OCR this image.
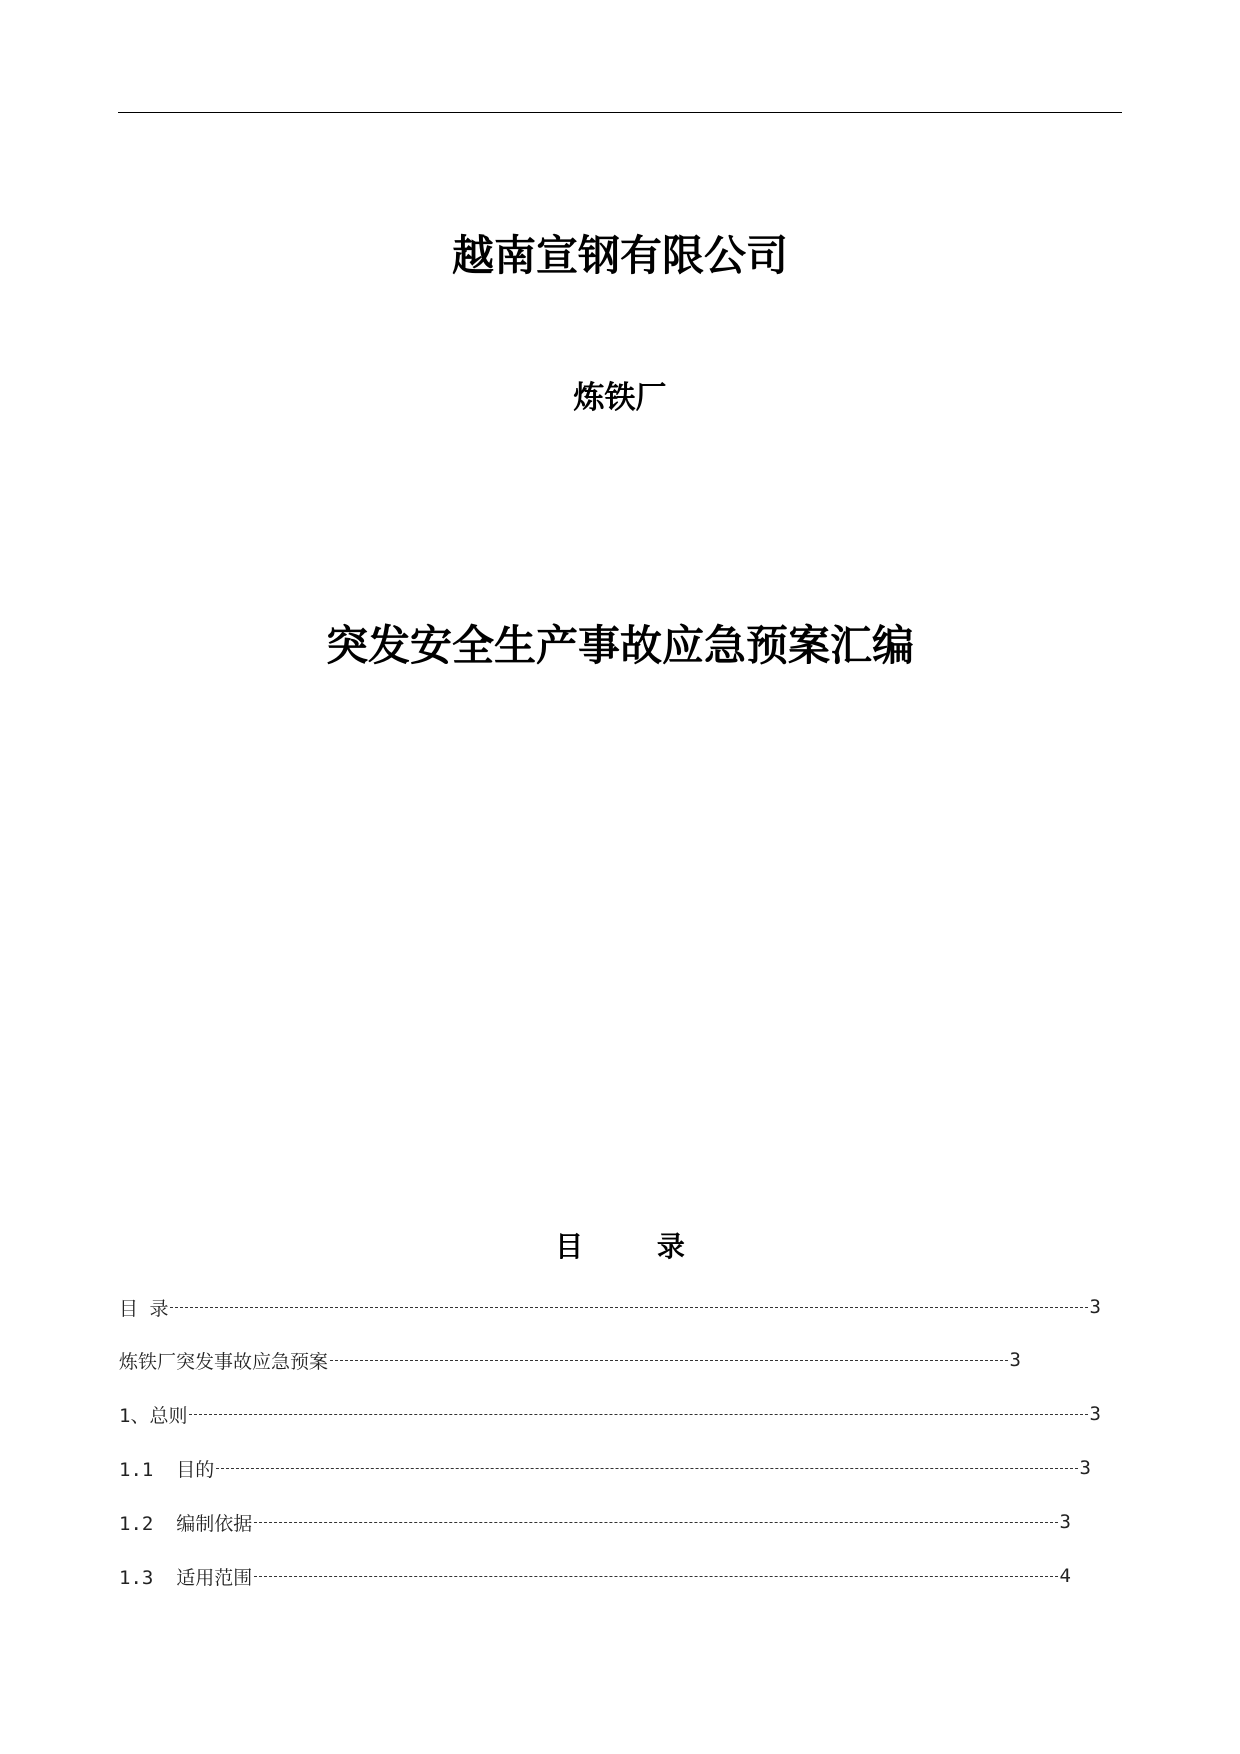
越南宣钢有限公司
炼铁厂
突发安全生产事故应急预案汇编
目 录
目 录	3
炼铁厂突发事故应急预案	3
1、总则	3
1.1  目的	3
1.2  编制依据	3
1.3  适用范围	4
